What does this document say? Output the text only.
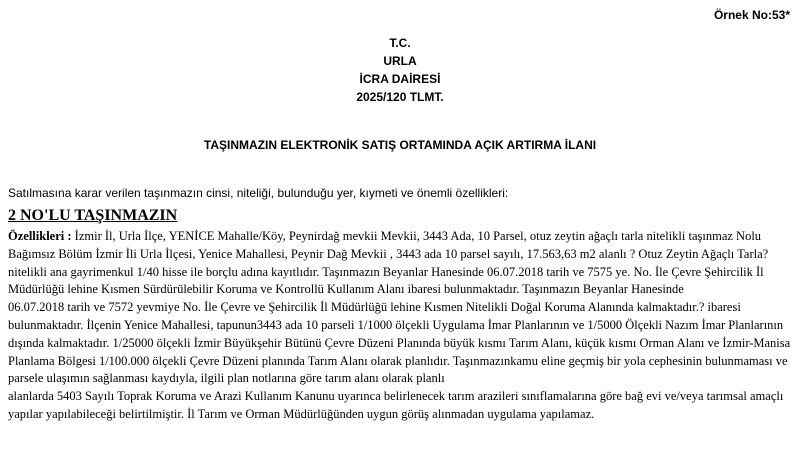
Örnek No:53*
T.C.
URLA
İCRA DAİRESİ
2025/120 TLMT.
TAŞINMAZIN ELEKTRONİK SATIŞ ORTAMINDA AÇIK ARTIRMA İLANI
Satılmasına karar verilen taşınmazın cinsi, niteliği, bulunduğu yer, kıymeti ve önemli özellikleri:
2 NO'LU TAŞINMAZIN

Özellikleri : İzmir İl, Urla İlçe, YENİCE Mahalle/Köy, Peynirdağ mevkii Mevkii, 3443 Ada, 10 Parsel, otuz zeytin ağaçlı tarla nitelikli taşınmaz Nolu Bağımsız Bölüm İzmir İli Urla İlçesi, Yenice Mahallesi, Peynir Dağ Mevkii , 3443 ada 10 parsel sayılı, 17.563,63 m2 alanlı ? Otuz Zeytin Ağaçlı Tarla? nitelikli ana gayrimenkul 1/40 hisse ile borçlu adına kayıtlıdır. Taşınmazın Beyanlar Hanesinde 06.07.2018 tarih ve 7575 ye. No. İle Çevre Şehircilik İl Müdürlüğü lehine Kısmen Sürdürülebilir Koruma ve Kontrollü Kullanım Alanı ibaresi bulunmaktadır. Taşınmazın Beyanlar Hanesinde

06.07.2018 tarih ve 7572 yevmiye No. İle Çevre ve Şehircilik İl Müdürlüğü lehine Kısmen Nitelikli Doğal Koruma Alanında kalmaktadır.? ibaresi bulunmaktadır. İlçenin Yenice Mahallesi, tapunun3443 ada 10 parseli 1/1000 ölçekli Uygulama İmar Planlarının ve 1/5000 Ölçekli Nazım İmar Planlarının dışında kalmaktadır. 1/25000 ölçekli İzmir Büyükşehir Bütünü Çevre Düzeni Planında büyük kısmı Tarım Alanı, küçük kısmı Orman Alanı ve İzmir-Manisa Planlama Bölgesi 1/100.000 ölçekli Çevre Düzeni planında Tarım Alanı olarak planlıdır. Taşınmazınkamu eline geçmiş bir yola cephesinin bulunmaması ve parsele ulaşımın sağlanması kaydıyla, ilgili plan notlarına göre tarım alanı olarak planlı

alanlarda 5403 Sayılı Toprak Koruma ve Arazi Kullanım Kanunu uyarınca belirlenecek tarım arazileri sınıflamalarına göre bağ evi ve/veya tarımsal amaçlı yapılar yapılabileceği belirtilmiştir. İl Tarım ve Orman Müdürlüğünden uygun görüş alınmadan uygulama yapılamaz.
